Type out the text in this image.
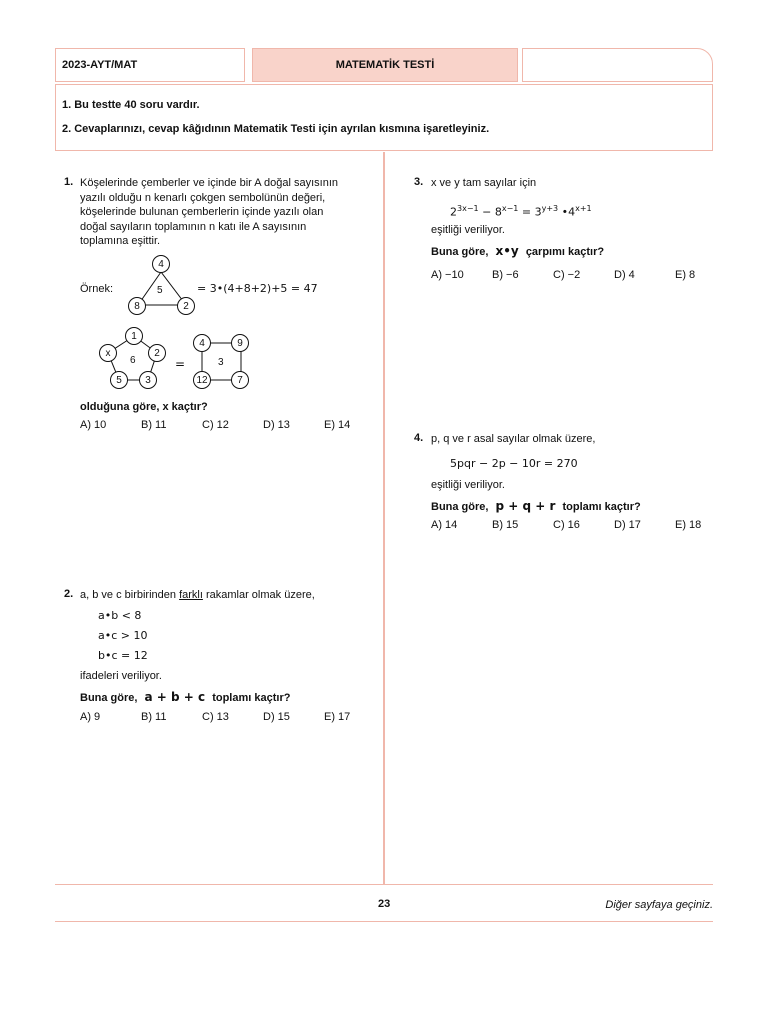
2023-AYT/MAT	MATEMATİK TESTİ
1. Bu testte 40 soru vardır.
2. Cevaplarınızı, cevap kâğıdının Matematik Testi için ayrılan kısmına işaretleyiniz.
1. Köşelerinde çemberler ve içinde bir A doğal sayısının
yazılı olduğu n kenarlı çokgen sembolünün değeri,
köşelerinde bulunan çemberlerin içinde yazılı olan
doğal sayıların toplamının n katı ile A sayısının
toplamına eşittir.
Örnek:
4
8	2
5	= 3•(4+8+2)+5 = 47
1
x	2
5	3
6	=
4	9
12	7
3
olduğuna göre, x kaçtır?
A) 10	B) 11	C) 12	D) 13	E) 14
2. a, b ve c birbirinden farklı rakamlar olmak üzere,
a•b < 8
a•c > 10
b•c = 12
ifadeleri veriliyor.
Buna göre, a + b + c toplamı kaçtır?
A) 9	B) 11	C) 13	D) 15	E) 17
3. x ve y tam sayılar için
$2^{3x-1} - 8^{x-1} = 3^{y+3}$ $•4^{x+1}$
eşitliği veriliyor.
Buna göre, x•y çarpımı kaçtır?
A) −10	B) −6	C) −2	D) 4	E) 8
4. p, q ve r asal sayılar olmak üzere,
5pqr − 2p − 10r = 270
eşitliği veriliyor.
Buna göre, p + q + r toplamı kaçtır?
A) 14	B) 15	C) 16	D) 17	E) 18
23	Diğer sayfaya geçiniz.
